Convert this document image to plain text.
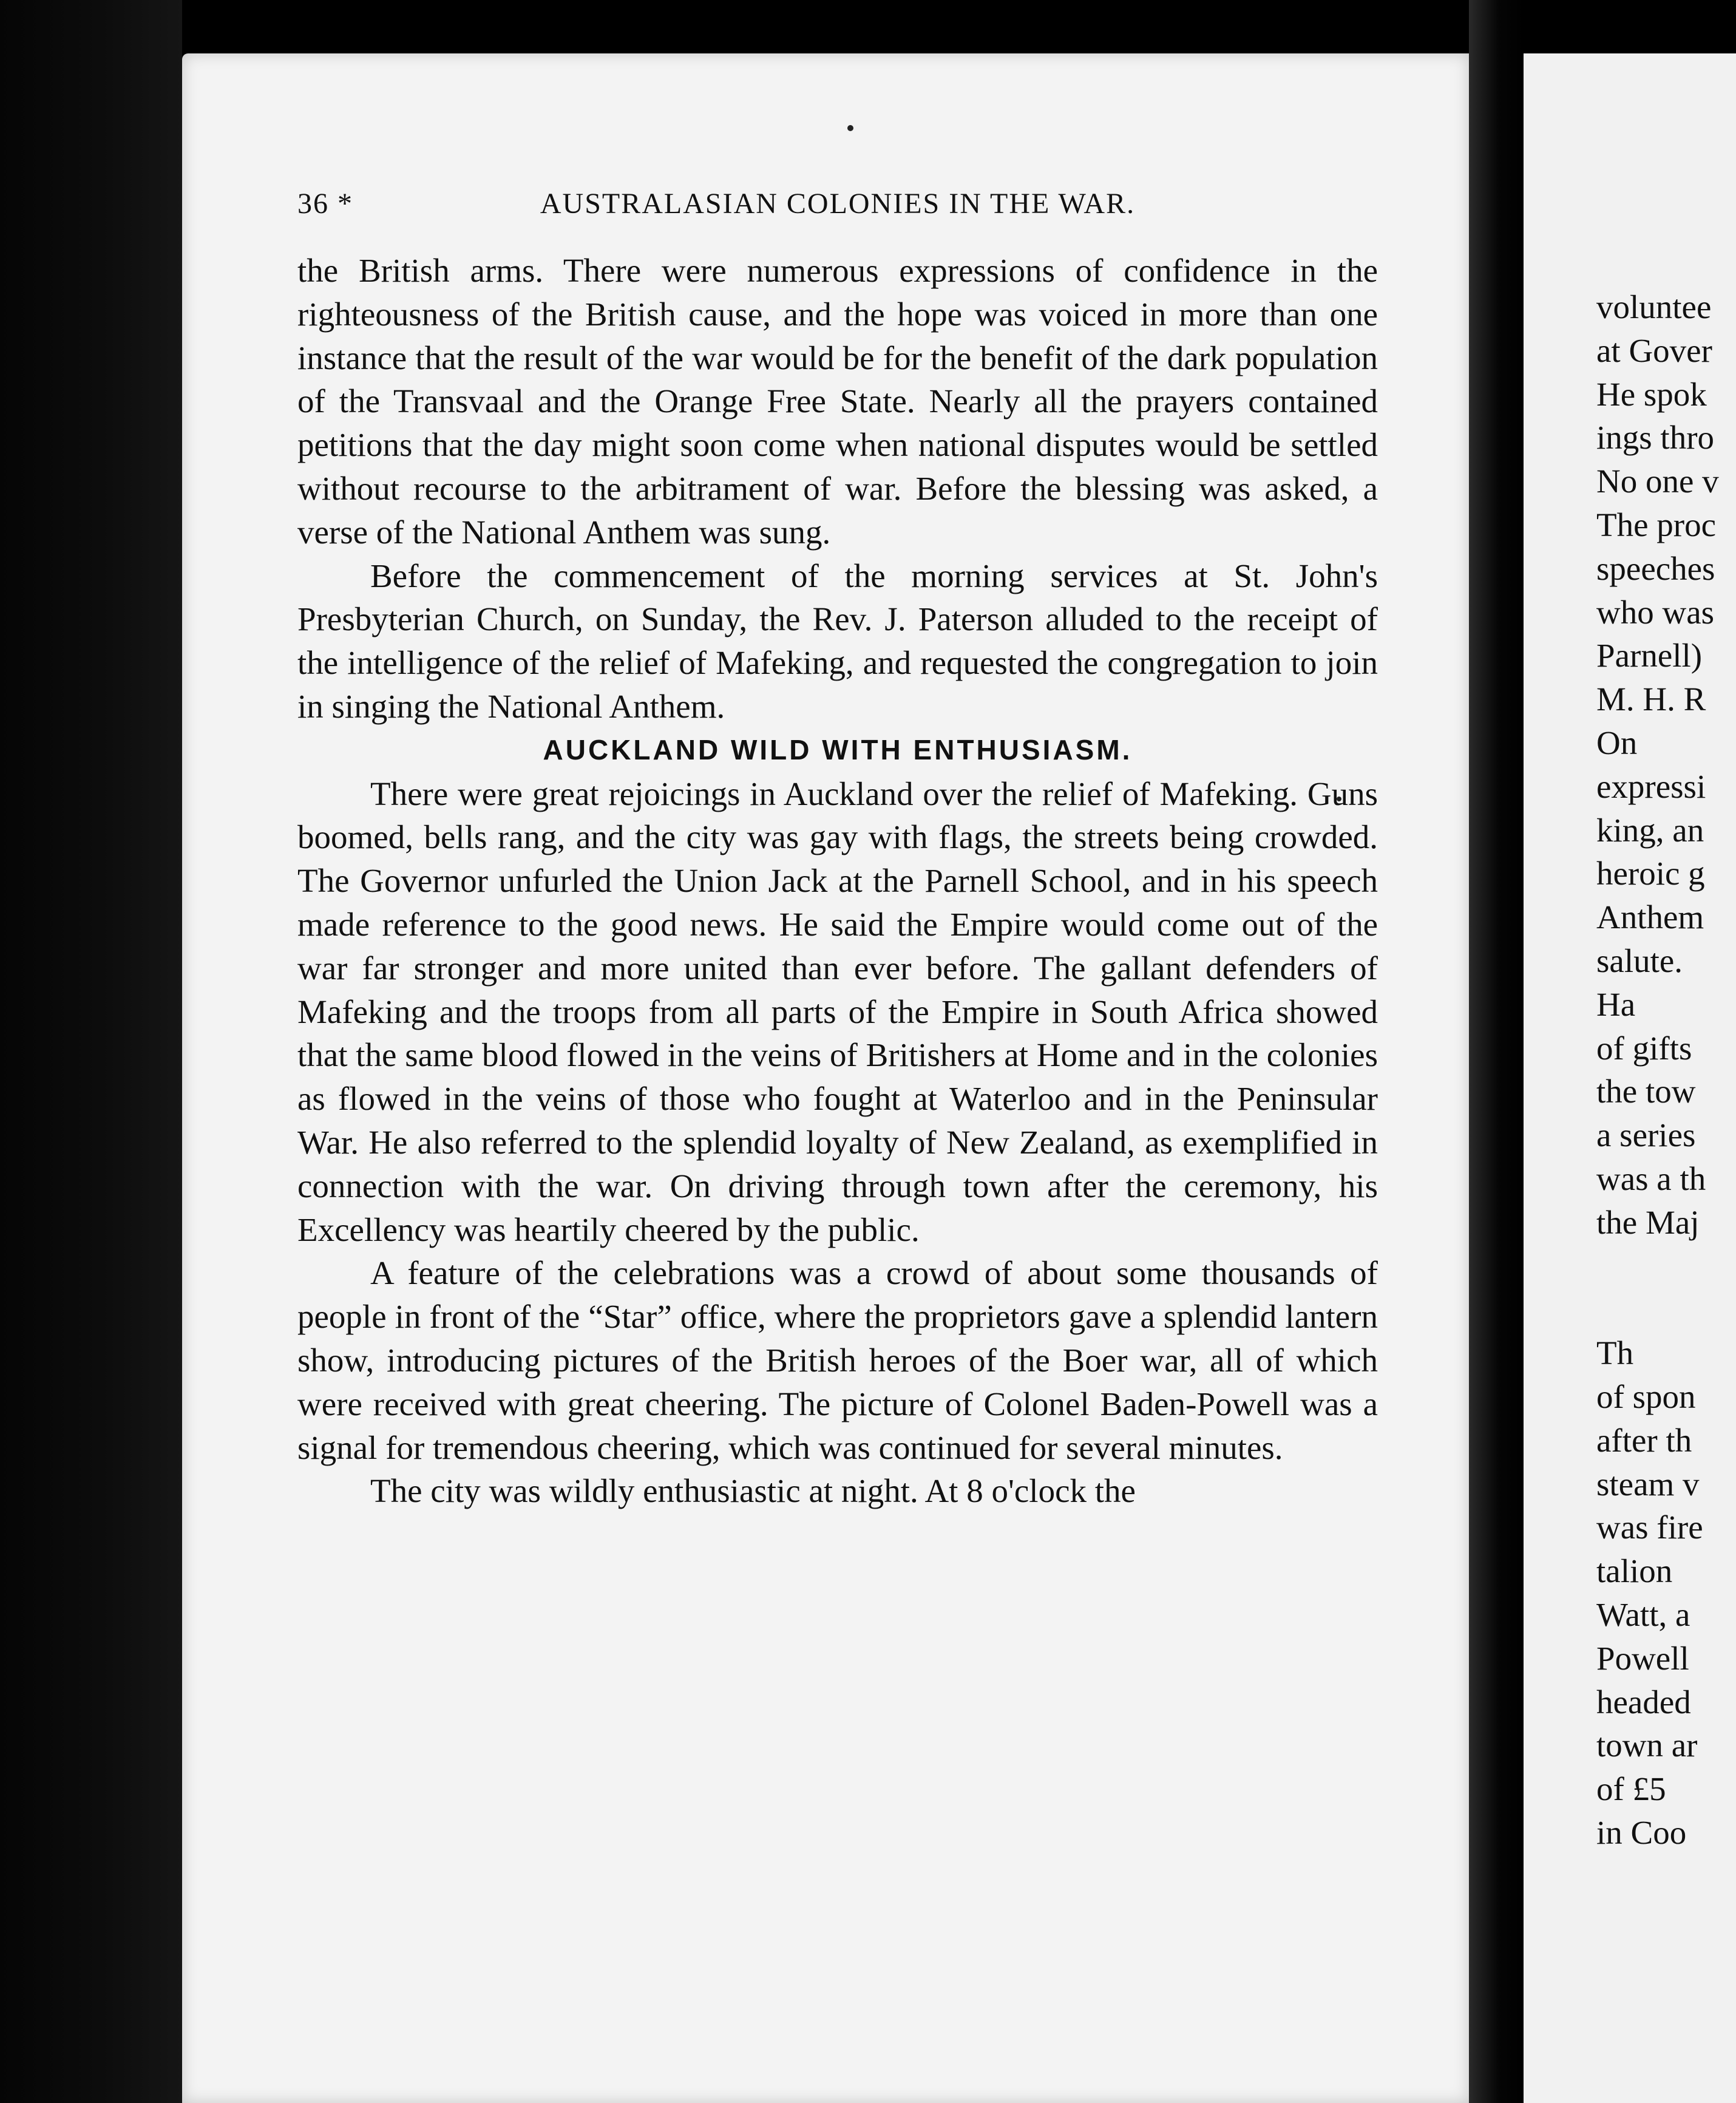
36 *	AUSTRALASIAN COLONIES IN THE WAR.

the British arms. There were numerous expressions of confidence in the righteousness of the British cause, and the hope was voiced in more than one instance that the result of the war would be for the benefit of the dark population of the Transvaal and the Orange Free State. Nearly all the prayers contained petitions that the day might soon come when national disputes would be settled without recourse to the arbitrament of war. Before the blessing was asked, a verse of the National Anthem was sung.

Before the commencement of the morning services at St. John's Presbyterian Church, on Sunday, the Rev. J. Paterson alluded to the receipt of the intelligence of the relief of Mafeking, and requested the congregation to join in singing the National Anthem.

AUCKLAND WILD WITH ENTHUSIASM.

There were great rejoicings in Auckland over the relief of Mafeking. Guns boomed, bells rang, and the city was gay with flags, the streets being crowded. The Governor unfurled the Union Jack at the Parnell School, and in his speech made reference to the good news. He said the Empire would come out of the war far stronger and more united than ever before. The gallant defenders of Mafeking and the troops from all parts of the Empire in South Africa showed that the same blood flowed in the veins of Britishers at Home and in the colonies as flowed in the veins of those who fought at Waterloo and in the Peninsular War. He also referred to the splendid loyalty of New Zealand, as exemplified in connection with the war. On driving through town after the ceremony, his Excellency was heartily cheered by the public.

A feature of the celebrations was a crowd of about some thousands of people in front of the “Star” office, where the proprietors gave a splendid lantern show, introducing pictures of the British heroes of the Boer war, all of which were received with great cheering. The picture of Colonel Baden-Powell was a signal for tremendous cheering, which was continued for several minutes.

The city was wildly enthusiastic at night. At 8 o'clock the

voluntee
at Gover
He spok
ings thro
No one v
The proc
speeches
who was
Parnell)
M. H. R
On
expressi
king, an
heroic g
Anthem
salute.
Ha
of gifts
the tow
a series
was a th
the Maj
Th
of spon
after th
steam v
was fire
talion
Watt, a
Powell
headed
town ar
of £5
in Coo
